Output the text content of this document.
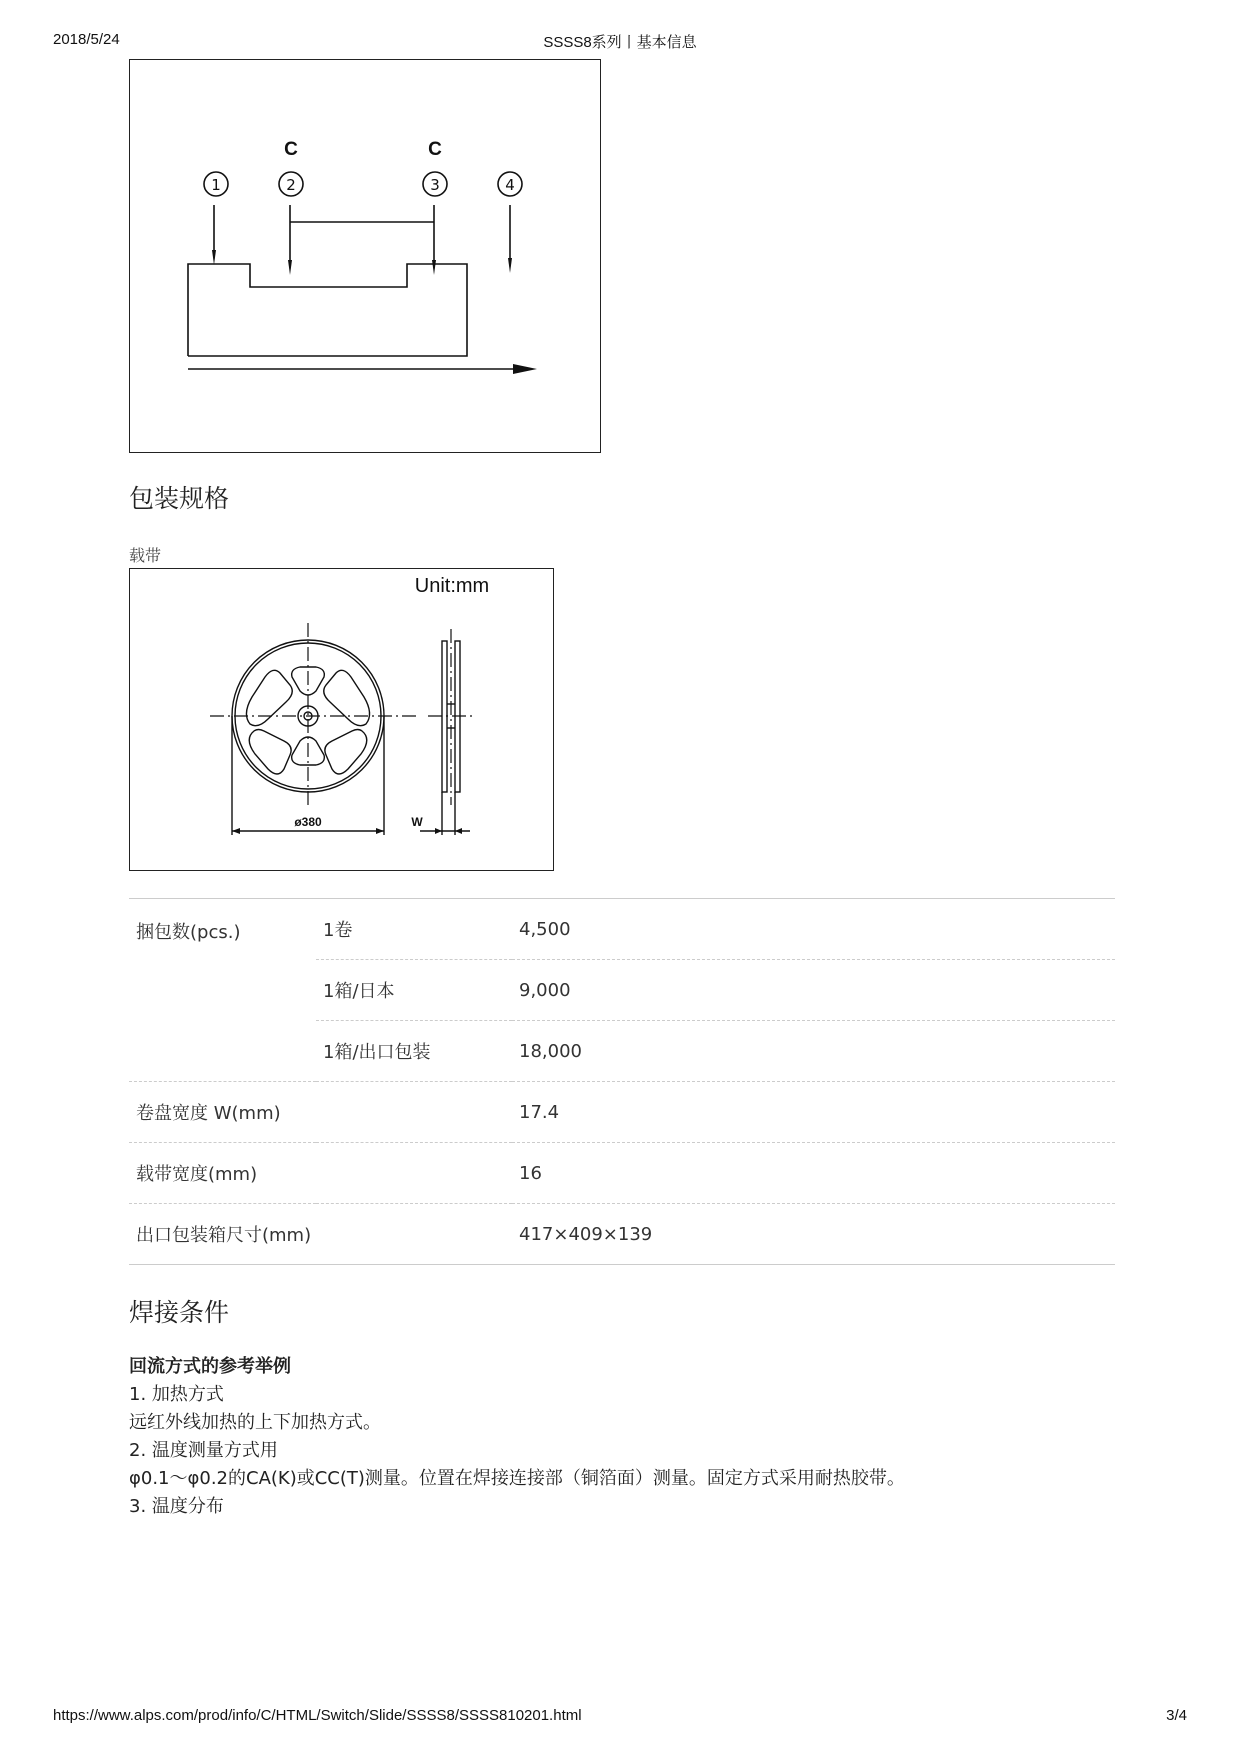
2018/5/24	SSSS8系列丨基本信息
C	C
1	2	3	4
包装规格
载带
Unit:mm
ø380	W
捆包数(pcs.)	1卷	4,500
	1箱/日本	9,000
	1箱/出口包装	18,000
卷盘宽度 W(mm)		17.4
载带宽度(mm)		16
出口包装箱尺寸(mm)		417×409×139
焊接条件
回流方式的参考举例
1. 加热方式
远红外线加热的上下加热方式。
2. 温度测量方式用
φ0.1～φ0.2的CA(K)或CC(T)测量。位置在焊接连接部（铜箔面）测量。固定方式采用耐热胶带。
3. 温度分布
https://www.alps.com/prod/info/C/HTML/Switch/Slide/SSSS8/SSSS810201.html	3/4
